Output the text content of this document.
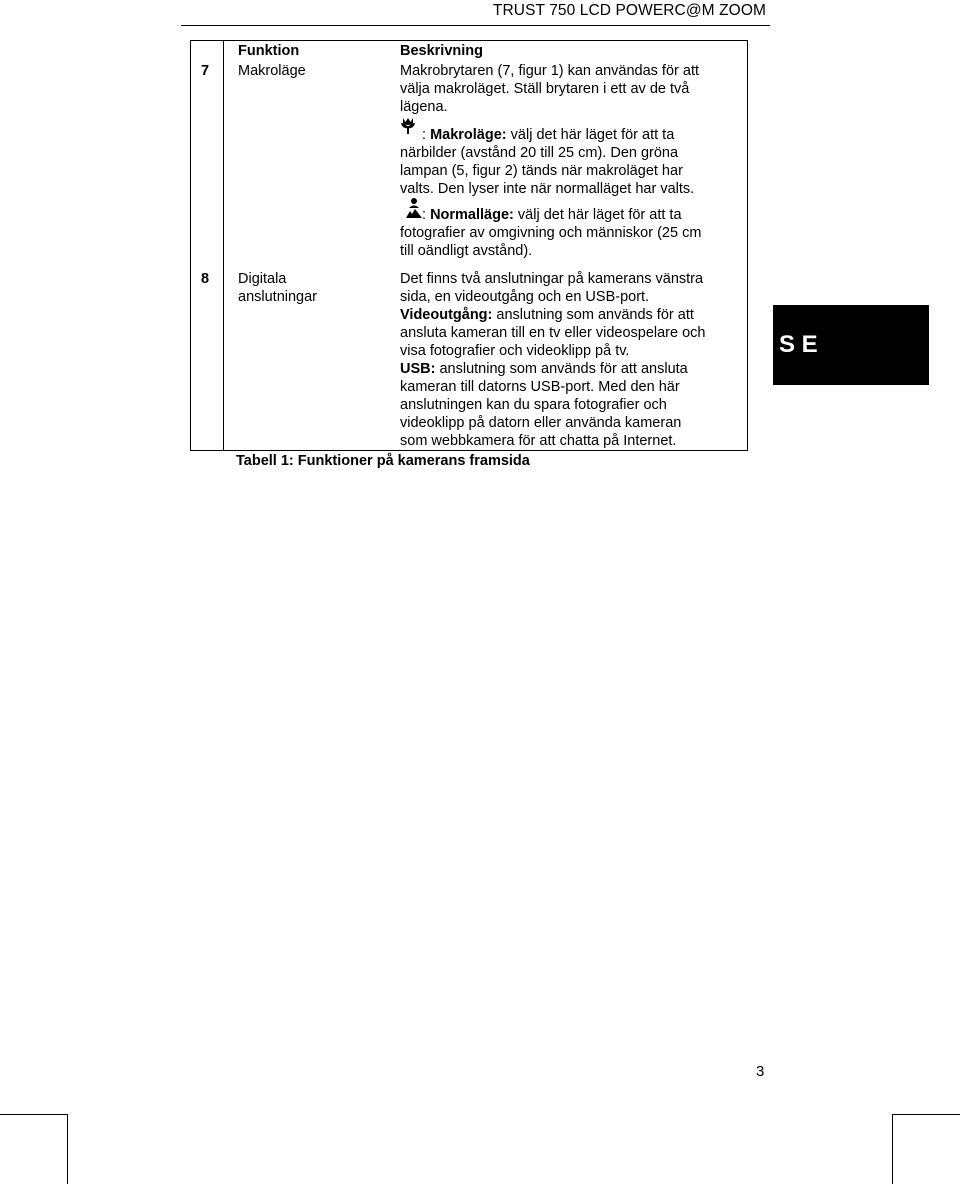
TRUST 750 LCD POWERC@M ZOOM
Funktion	Beskrivning
7 Makroläge	Makrobrytaren (7, figur 1) kan användas för att
välja makroläget. Ställ brytaren i ett av de två
lägena.
: Makroläge: välj det här läget för att ta
närbilder (avstånd 20 till 25 cm). Den gröna
lampan (5, figur 2) tänds när makroläget har
valts. Den lyser inte när normalläget har valts.
: Normalläge: välj det här läget för att ta
fotografier av omgivning och människor (25 cm
till oändligt avstånd).
8 Digitala
anslutningar
Det finns två anslutningar på kamerans vänstra
sida, en videoutgång och en USB-port.
Videoutgång: anslutning som används för att
ansluta kameran till en tv eller videospelare och
visa fotografier och videoklipp på tv.
USB: anslutning som används för att ansluta
kameran till datorns USB-port. Med den här
anslutningen kan du spara fotografier och
videoklipp på datorn eller använda kameran
som webbkamera för att chatta på Internet.
Tabell 1: Funktioner på kamerans framsida
S E
3
